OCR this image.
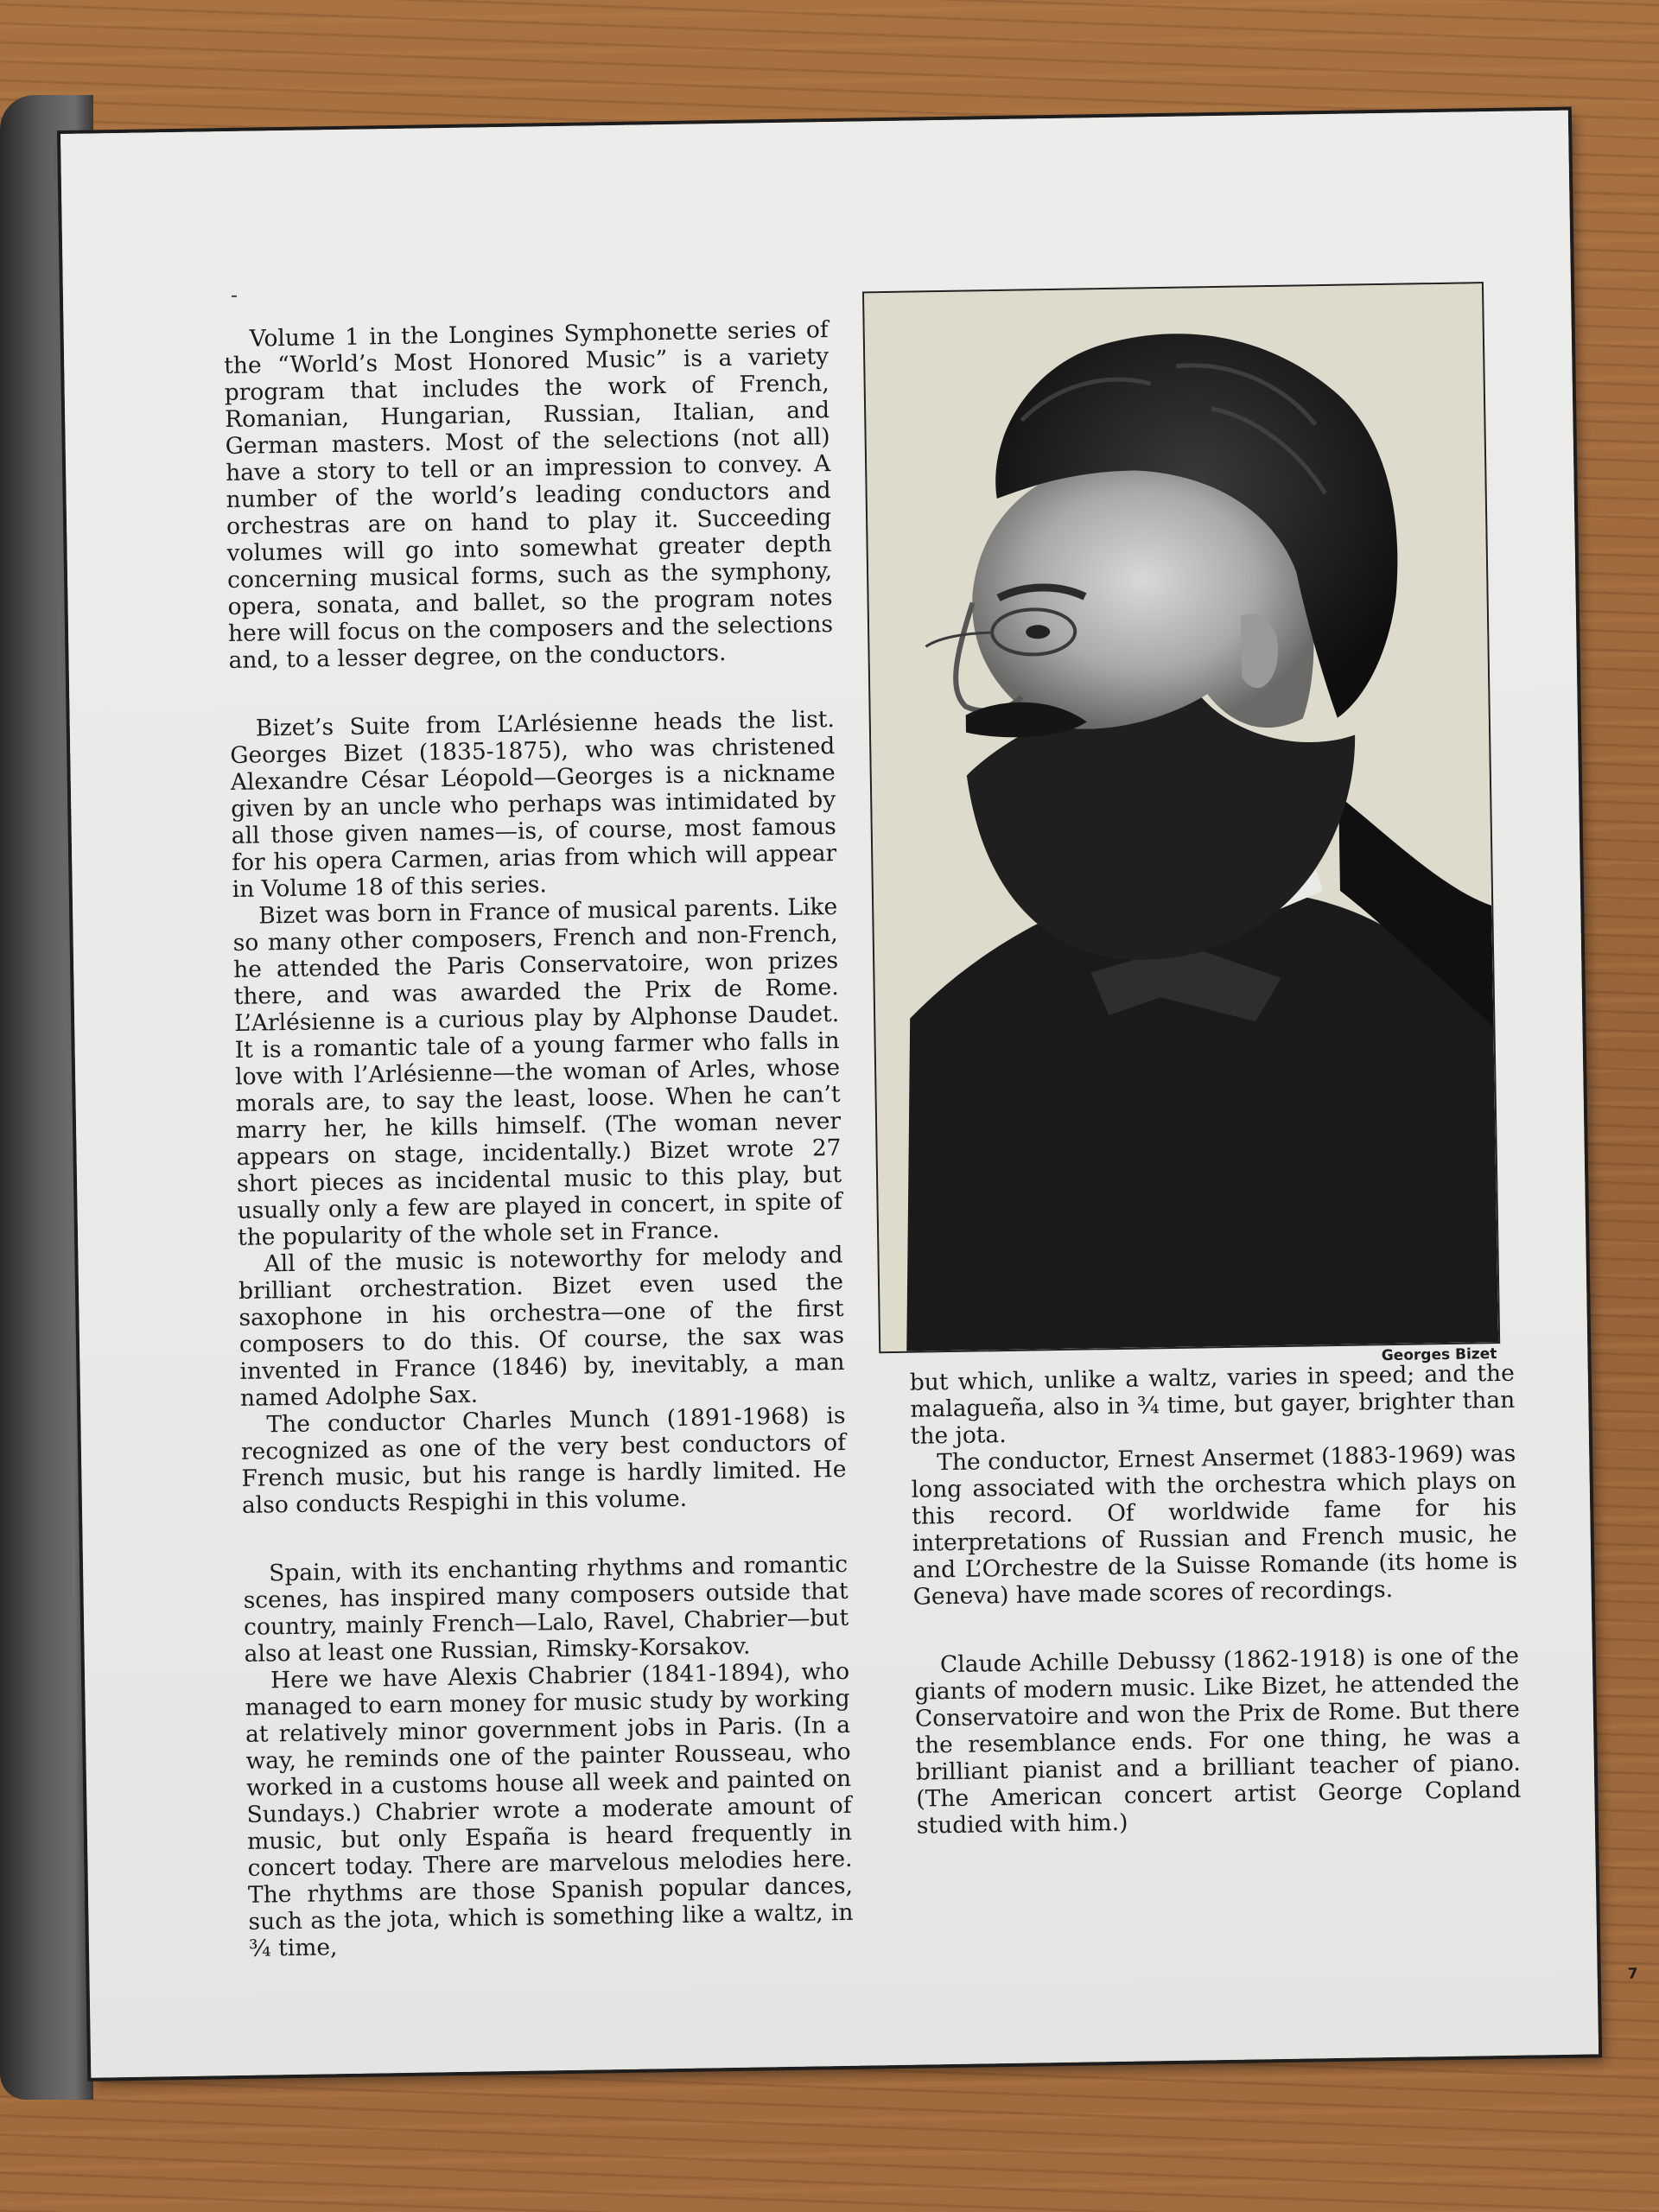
Volume 1 in the Longines Symphonette series of the “World’s Most Honored Music” is a variety program that includes the work of French, Romanian, Hungarian, Russian, Italian, and German masters. Most of the selections (not all) have a story to tell or an impression to convey. A number of the world’s leading conductors and orchestras are on hand to play it. Succeeding volumes will go into somewhat greater depth concerning musical forms, such as the symphony, opera, sonata, and ballet, so the program notes here will focus on the composers and the selections and, to a lesser degree, on the conductors.

Bizet’s Suite from L’Arlésienne heads the list. Georges Bizet (1835-1875), who was christened Alexandre César Léopold—Georges is a nickname given by an uncle who perhaps was intimidated by all those given names—is, of course, most famous for his opera Carmen, arias from which will appear in Volume 18 of this series.

Bizet was born in France of musical parents. Like so many other composers, French and non-French, he attended the Paris Conservatoire, won prizes there, and was awarded the Prix de Rome. L’Arlésienne is a curious play by Alphonse Daudet. It is a romantic tale of a young farmer who falls in love with l’Arlésienne—the woman of Arles, whose morals are, to say the least, loose. When he can’t marry her, he kills himself. (The woman never appears on stage, incidentally.) Bizet wrote 27 short pieces as incidental music to this play, but usually only a few are played in concert, in spite of the popularity of the whole set in France.

All of the music is noteworthy for melody and brilliant orchestration. Bizet even used the saxophone in his orchestra—one of the first composers to do this. Of course, the sax was invented in France (1846) by, inevitably, a man named Adolphe Sax.

The conductor Charles Munch (1891-1968) is recognized as one of the very best conductors of French music, but his range is hardly limited. He also conducts Respighi in this volume.

Spain, with its enchanting rhythms and romantic scenes, has inspired many composers outside that country, mainly French—Lalo, Ravel, Chabrier—but also at least one Russian, Rimsky-Korsakov.

Here we have Alexis Chabrier (1841-1894), who managed to earn money for music study by working at relatively minor government jobs in Paris. (In a way, he reminds one of the painter Rousseau, who worked in a customs house all week and painted on Sundays.) Chabrier wrote a moderate amount of music, but only España is heard frequently in concert today. There are marvelous melodies here. The rhythms are those Spanish popular dances, such as the jota, which is something like a waltz, in ¾ time,

Georges Bizet

but which, unlike a waltz, varies in speed; and the malagueña, also in ¾ time, but gayer, brighter than the jota.

The conductor, Ernest Ansermet (1883-1969) was long associated with the orchestra which plays on this record. Of worldwide fame for his interpretations of Russian and French music, he and L’Orchestre de la Suisse Romande (its home is Geneva) have made scores of recordings.

Claude Achille Debussy (1862-1918) is one of the giants of modern music. Like Bizet, he attended the Conservatoire and won the Prix de Rome. But there the resemblance ends. For one thing, he was a brilliant pianist and a brilliant teacher of piano. (The American concert artist George Copland studied with him.)

7
